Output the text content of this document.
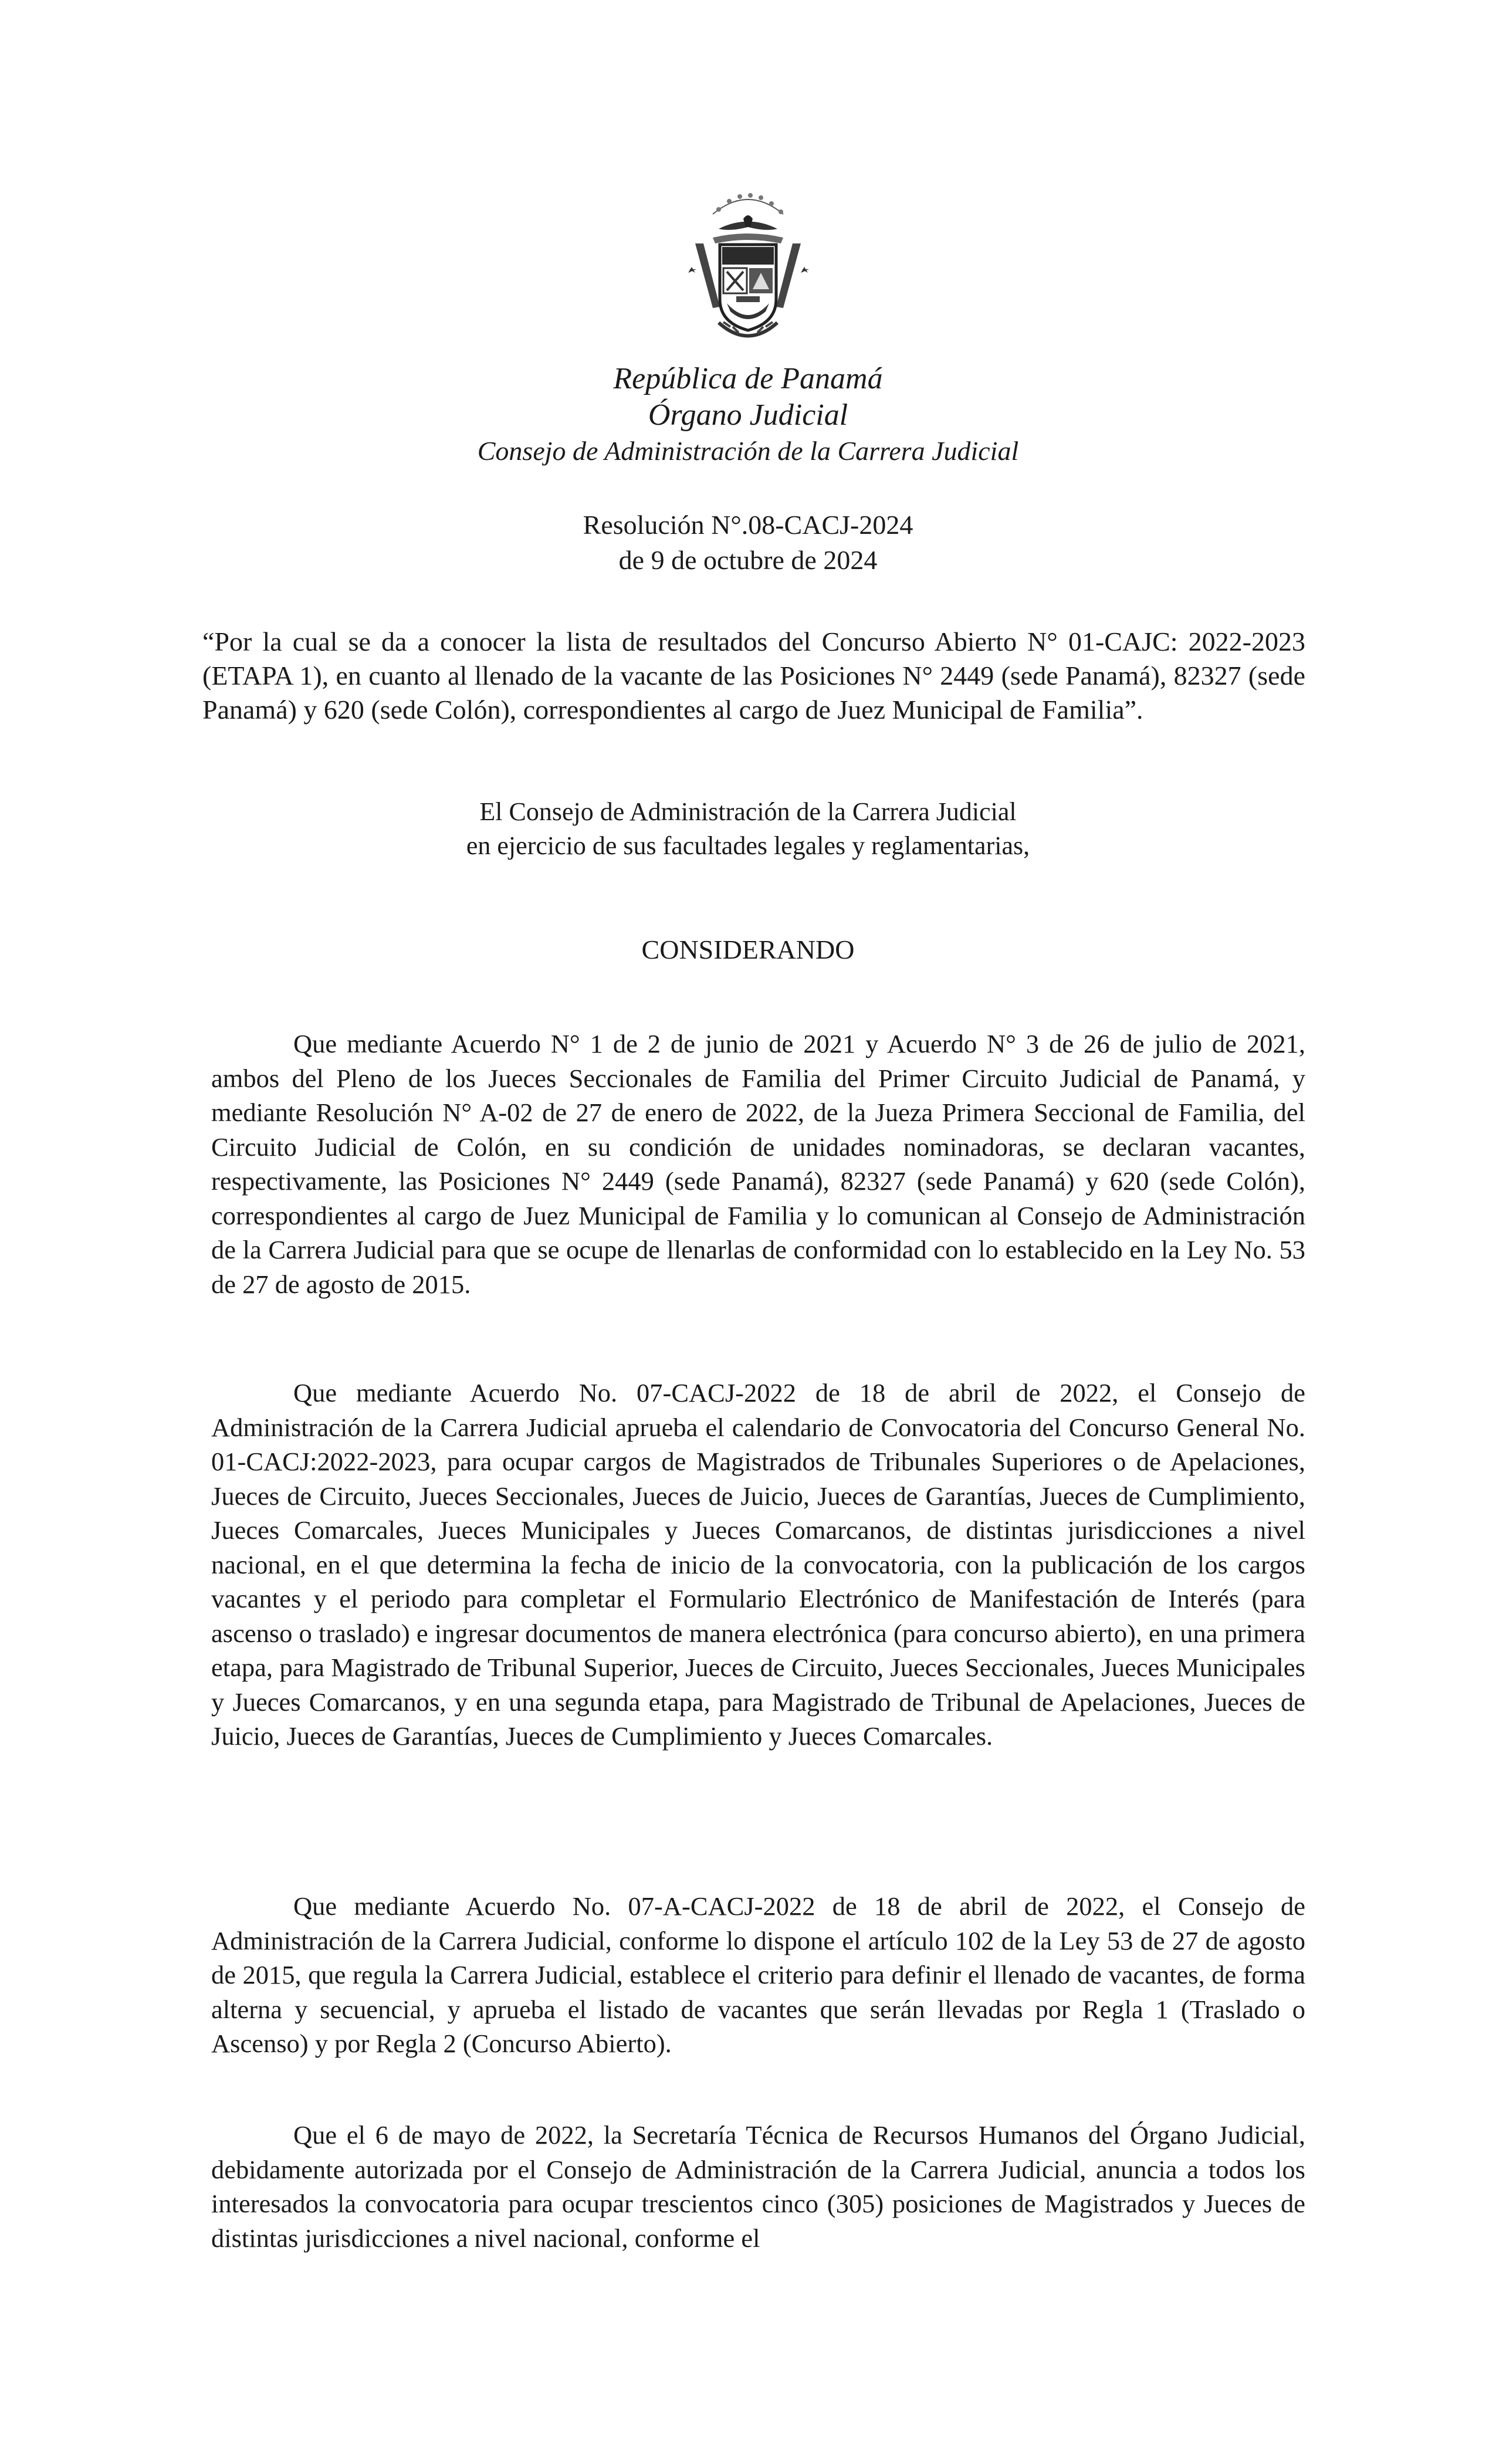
República de Panamá
Órgano Judicial
Consejo de Administración de la Carrera Judicial
Resolución N°.08-CACJ-2024
de 9 de octubre de 2024
“Por la cual se da a conocer la lista de resultados del Concurso Abierto N° 01-CAJC: 2022-2023 (ETAPA 1), en cuanto al llenado de la vacante de las Posiciones N° 2449 (sede Panamá), 82327 (sede Panamá) y 620 (sede Colón), correspondientes al cargo de Juez Municipal de Familia”.
El Consejo de Administración de la Carrera Judicial
en ejercicio de sus facultades legales y reglamentarias,
CONSIDERANDO
Que mediante Acuerdo N° 1 de 2 de junio de 2021 y Acuerdo N° 3 de 26 de julio de 2021, ambos del Pleno de los Jueces Seccionales de Familia del Primer Circuito Judicial de Panamá, y mediante Resolución N° A-02 de 27 de enero de 2022, de la Jueza Primera Seccional de Familia, del Circuito Judicial de Colón, en su condición de unidades nominadoras, se declaran vacantes, respectivamente, las Posiciones N° 2449 (sede Panamá), 82327 (sede Panamá) y 620 (sede Colón), correspondientes al cargo de Juez Municipal de Familia y lo comunican al Consejo de Administración de la Carrera Judicial para que se ocupe de llenarlas de conformidad con lo establecido en la Ley No. 53 de 27 de agosto de 2015.
Que mediante Acuerdo No. 07-CACJ-2022 de 18 de abril de 2022, el Consejo de Administración de la Carrera Judicial aprueba el calendario de Convocatoria del Concurso General No. 01-CACJ:2022-2023, para ocupar cargos de Magistrados de Tribunales Superiores o de Apelaciones, Jueces de Circuito, Jueces Seccionales, Jueces de Juicio, Jueces de Garantías, Jueces de Cumplimiento, Jueces Comarcales, Jueces Municipales y Jueces Comarcanos, de distintas jurisdicciones a nivel nacional, en el que determina la fecha de inicio de la convocatoria, con la publicación de los cargos vacantes y el periodo para completar el Formulario Electrónico de Manifestación de Interés (para ascenso o traslado) e ingresar documentos de manera electrónica (para concurso abierto), en una primera etapa, para Magistrado de Tribunal Superior, Jueces de Circuito, Jueces Seccionales, Jueces Municipales y Jueces Comarcanos, y en una segunda etapa, para Magistrado de Tribunal de Apelaciones, Jueces de Juicio, Jueces de Garantías, Jueces de Cumplimiento y Jueces Comarcales.
Que mediante Acuerdo No. 07-A-CACJ-2022 de 18 de abril de 2022, el Consejo de Administración de la Carrera Judicial, conforme lo dispone el artículo 102 de la Ley 53 de 27 de agosto de 2015, que regula la Carrera Judicial, establece el criterio para definir el llenado de vacantes, de forma alterna y secuencial, y aprueba el listado de vacantes que serán llevadas por Regla 1 (Traslado o Ascenso) y por Regla 2 (Concurso Abierto).
Que el 6 de mayo de 2022, la Secretaría Técnica de Recursos Humanos del Órgano Judicial, debidamente autorizada por el Consejo de Administración de la Carrera Judicial, anuncia a todos los interesados la convocatoria para ocupar trescientos cinco (305) posiciones de Magistrados y Jueces de distintas jurisdicciones a nivel nacional, conforme el
